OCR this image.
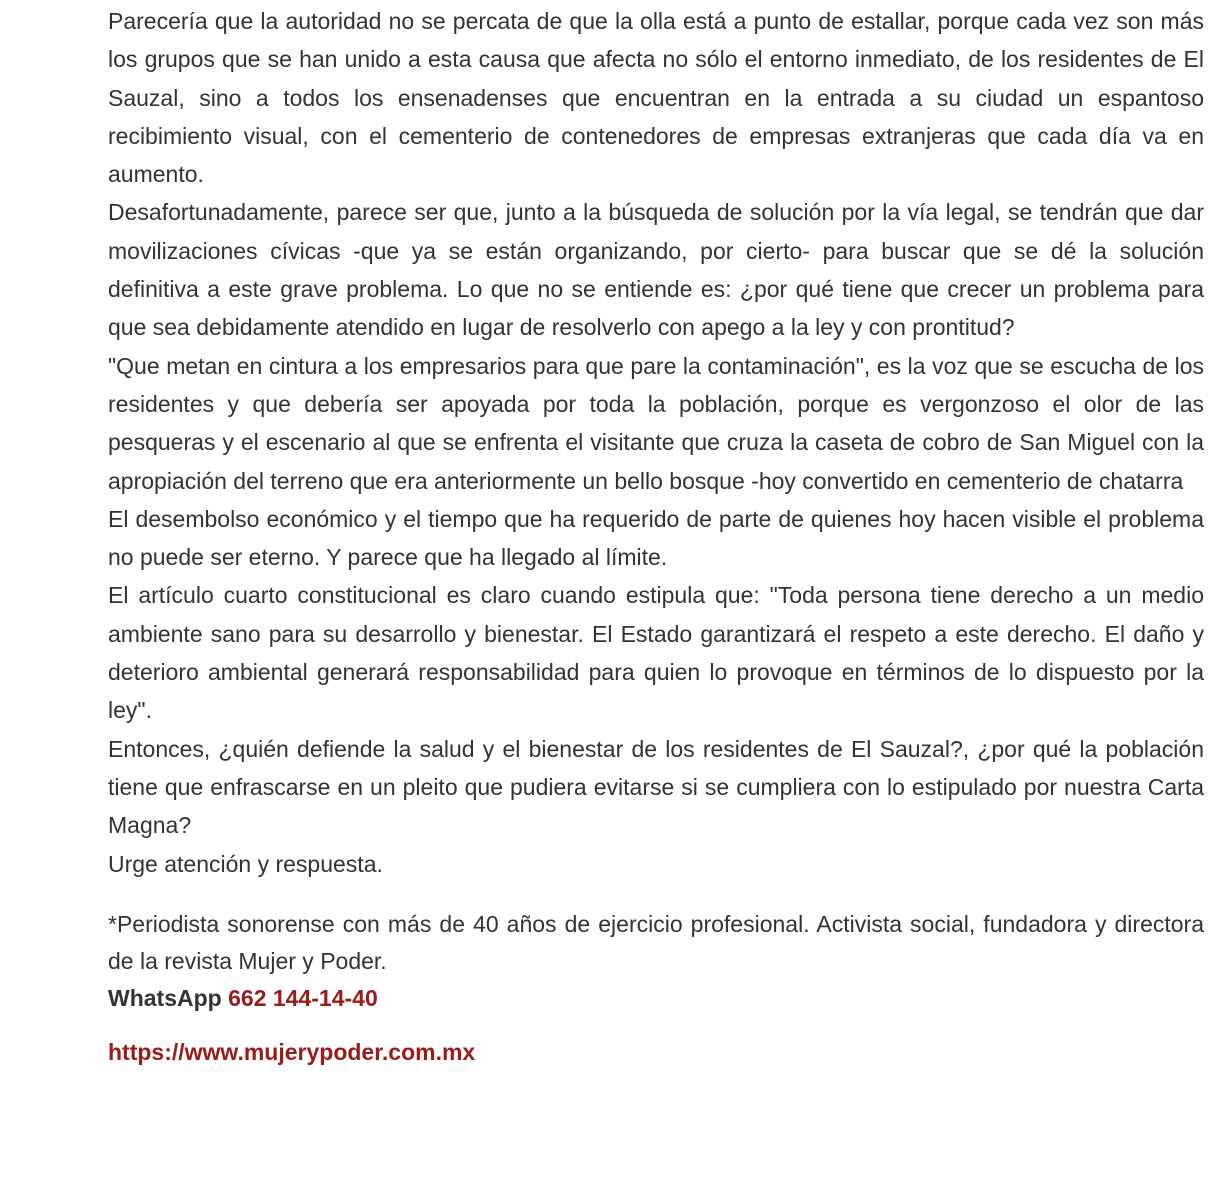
Parecería que la autoridad no se percata de que la olla está a punto de estallar, porque cada vez son más los grupos que se han unido a esta causa que afecta no sólo el entorno inmediato, de los residentes de El Sauzal, sino a todos los ensenadenses que encuentran en la entrada a su ciudad un espantoso recibimiento visual, con el cementerio de contenedores de empresas extranjeras que cada día va en aumento.

Desafortunadamente, parece ser que, junto a la búsqueda de solución por la vía legal, se tendrán que dar movilizaciones cívicas -que ya se están organizando, por cierto- para buscar que se dé la solución definitiva a este grave problema. Lo que no se entiende es: ¿por qué tiene que crecer un problema para que sea debidamente atendido en lugar de resolverlo con apego a la ley y con prontitud?

"Que metan en cintura a los empresarios para que pare la contaminación", es la voz que se escucha de los residentes y que debería ser apoyada por toda la población, porque es vergonzoso el olor de las pesqueras y el escenario al que se enfrenta el visitante que cruza la caseta de cobro de San Miguel con la apropiación del terreno que era anteriormente un bello bosque -hoy convertido en cementerio de chatarra

El desembolso económico y el tiempo que ha requerido de parte de quienes hoy hacen visible el problema no puede ser eterno. Y parece que ha llegado al límite.

El artículo cuarto constitucional es claro cuando estipula que: "Toda persona tiene derecho a un medio ambiente sano para su desarrollo y bienestar. El Estado garantizará el respeto a este derecho. El daño y deterioro ambiental generará responsabilidad para quien lo provoque en términos de lo dispuesto por la ley".

Entonces, ¿quién defiende la salud y el bienestar de los residentes de El Sauzal?, ¿por qué la población tiene que enfrascarse en un pleito que pudiera evitarse si se cumpliera con lo estipulado por nuestra Carta Magna?

Urge atención y respuesta.

*Periodista sonorense con más de 40 años de ejercicio profesional. Activista social, fundadora y directora de la revista Mujer y Poder.

WhatsApp 662 144-14-40

https://www.mujerypoder.com.mx
